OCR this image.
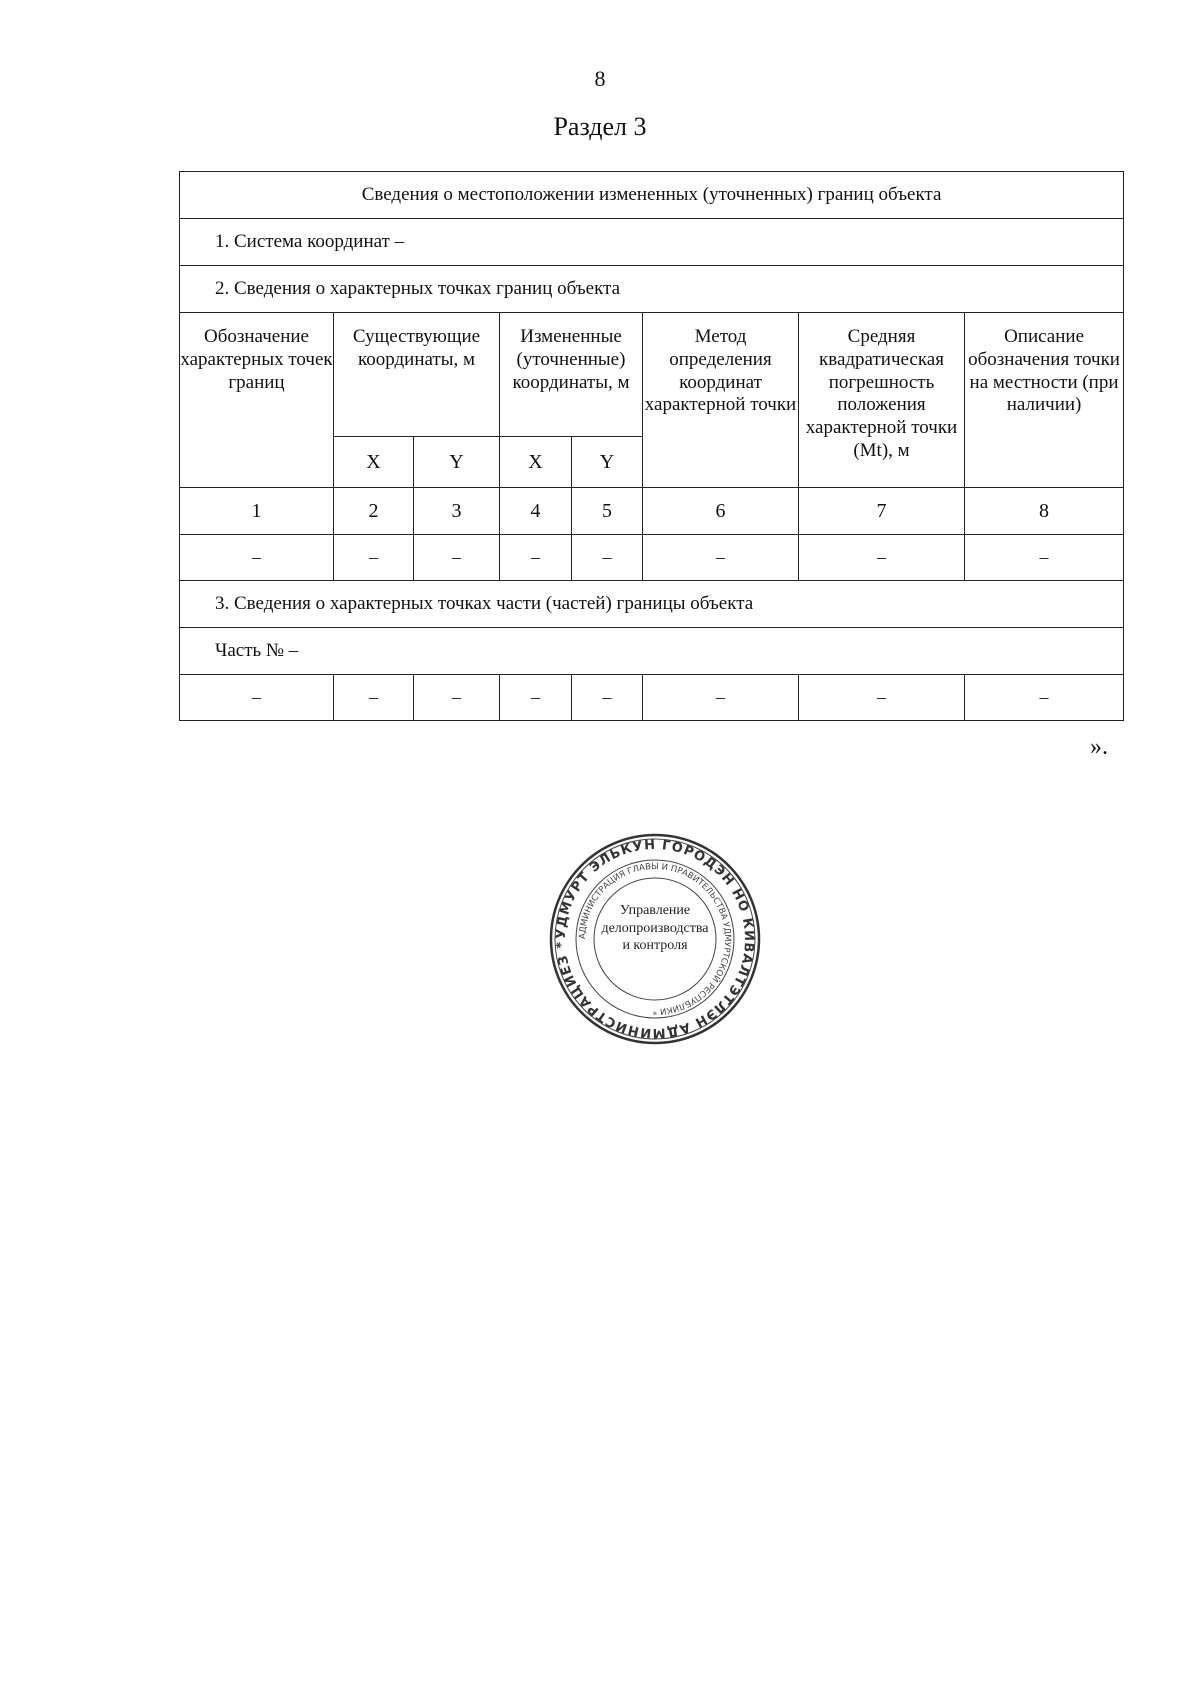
8
Раздел 3
Сведения о местоположении измененных (уточненных) границ объекта							
1. Система координат –							
2. Сведения о характерных точках границ объекта							
Обозначение характерных точек границ	Существующие координаты, м		Измененные (уточненные) координаты, м		Метод определения координат характерной точки	Средняя квадратическая погрешность положения характерной точки (Mt), м	Описание обозначения точки на местности (при наличии)
	X	Y	X	Y			
1	2	3	4	5	6	7	8
–	–	–	–	–	–	–	–
3. Сведения о характерных точках части (частей) границы объекта							
Часть № –							
–	–	–	–	–	–	–	–
».
УДМУРТ ЭЛЬКУН ГОРОДЭН НО КИВАЛТЭТЛЭН АДМИНИСТРАЦИЕЗ *
АДМИНИСТРАЦИЯ ГЛАВЫ И ПРАВИТЕЛЬСТВА УДМУРТСКОЙ РЕСПУБЛИКИ *
Управление
делопроизводства
и контроля
